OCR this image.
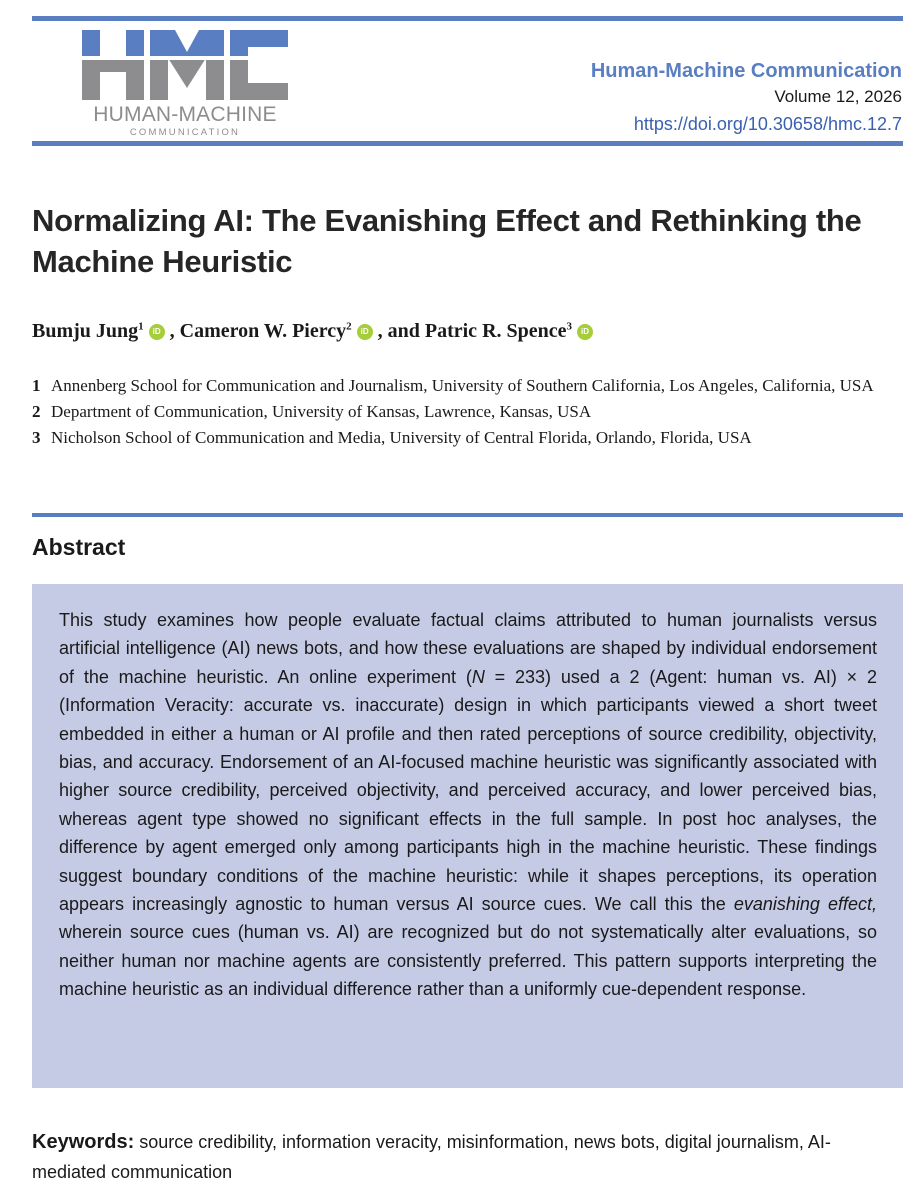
HUMAN-MACHINE
COMMUNICATION
Human-Machine Communication
Volume 12, 2026
https://doi.org/10.30658/hmc.12.7
Normalizing AI: The Evanishing Effect and Rethinking the Machine Heuristic
Bumju Jung$^1$ iD , Cameron W. Piercy$^2$ iD , and Patric R. Spence$^3$ iD
1 Annenberg School for Communication and Journalism, University of Southern California, Los Angeles, California, USA
2 Department of Communication, University of Kansas, Lawrence, Kansas, USA
3 Nicholson School of Communication and Media, University of Central Florida, Orlando, Florida, USA
Abstract

This study examines how people evaluate factual claims attributed to human journalists versus artificial intelligence (AI) news bots, and how these evaluations are shaped by individual endorsement of the machine heuristic. An online experiment (N = 233) used a 2 (Agent: human vs. AI) × 2 (Information Veracity: accurate vs. inaccurate) design in which participants viewed a short tweet embedded in either a human or AI profile and then rated perceptions of source credibility, objectivity, bias, and accuracy. Endorsement of an AI-focused machine heuristic was significantly associated with higher source credibility, perceived objectivity, and perceived accuracy, and lower perceived bias, whereas agent type showed no significant effects in the full sample. In post hoc analyses, the difference by agent emerged only among participants high in the machine heuristic. These findings suggest boundary conditions of the machine heuristic: while it shapes perceptions, its operation appears increasingly agnostic to human versus AI source cues. We call this the evanishing effect, wherein source cues (human vs. AI) are recognized but do not systematically alter evaluations, so neither human nor machine agents are consistently preferred. This pattern supports interpreting the machine heuristic as an individual difference rather than a uniformly cue-dependent response.

Keywords: source credibility, information veracity, misinformation, news bots, digital journalism, AI-mediated communication
